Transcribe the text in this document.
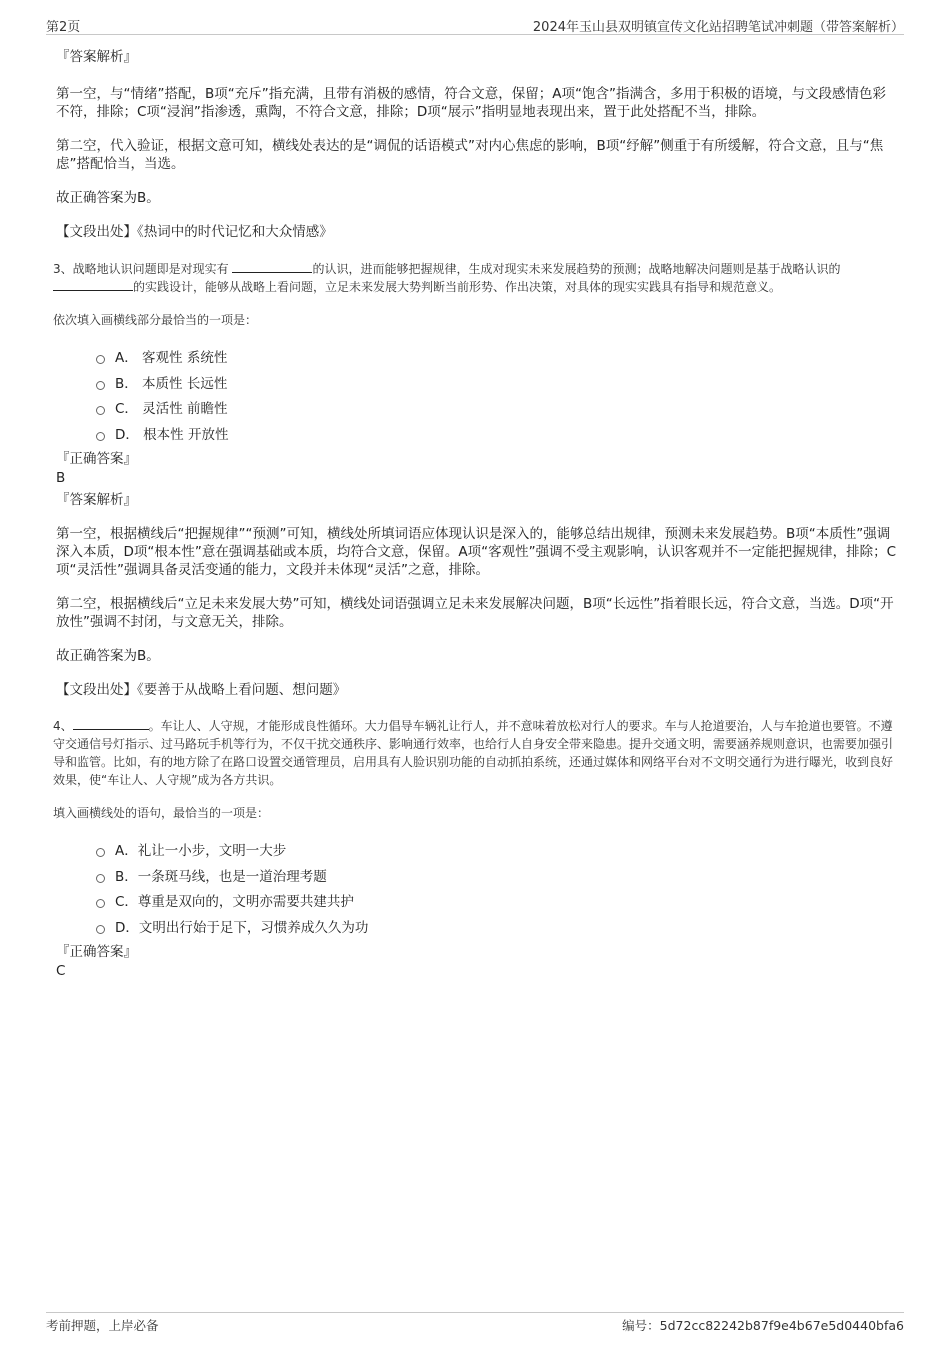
第2页	2024年玉山县双明镇宣传文化站招聘笔试冲刺题（带答案解析）

『答案解析』

第一空，与“情绪”搭配，B项“充斥”指充满，且带有消极的感情，符合文意，保留；A项“饱含”指满含，多用于积极的语境，与文段感情色彩不符，排除；C项“浸润”指渗透，熏陶，不符合文意，排除；D项“展示”指明显地表现出来，置于此处搭配不当，排除。

第二空，代入验证，根据文意可知，横线处表达的是“调侃的话语模式”对内心焦虑的影响，B项“纾解”侧重于有所缓解，符合文意，且与“焦虑”搭配恰当，当选。

故正确答案为B。

【文段出处】《热词中的时代记忆和大众情感》

3、战略地认识问题即是对现实有	的认识，进而能够把握规律，生成对现实未来发展趋势的预测；战略地解决问题则是基于战略认识的 的实践设计，能够从战略上看问题，立足未来发展大势判断当前形势、作出决策，对具体的现实实践具有指导和规范意义。

依次填入画横线部分最恰当的一项是：

A． 客观性 系统性
B． 本质性 长远性
C． 灵活性 前瞻性
D． 根本性 开放性

『正确答案』

B

『答案解析』

第一空，根据横线后“把握规律”“预测”可知，横线处所填词语应体现认识是深入的，能够总结出规律，预测未来发展趋势。B项“本质性”强调深入本质，D项“根本性”意在强调基础或本质，均符合文意，保留。A项“客观性”强调不受主观影响，认识客观并不一定能把握规律，排除；C项“灵活性”强调具备灵活变通的能力，文段并未体现“灵活”之意，排除。

第二空，根据横线后“立足未来发展大势”可知，横线处词语强调立足未来发展解决问题，B项“长远性”指着眼长远，符合文意，当选。D项“开放性”强调不封闭，与文意无关，排除。

故正确答案为B。

【文段出处】《要善于从战略上看问题、想问题》

4、	。车让人、人守规，才能形成良性循环。大力倡导车辆礼让行人，并不意味着放松对行人的要求。车与人抢道要治，人与车抢道也要管。不遵守交通信号灯指示、过马路玩手机等行为，不仅干扰交通秩序、影响通行效率，也给行人自身安全带来隐患。提升交通文明，需要涵养规则意识，也需要加强引导和监管。比如，有的地方除了在路口设置交通管理员，启用具有人脸识别功能的自动抓拍系统，还通过媒体和网络平台对不文明交通行为进行曝光，收到良好效果，使“车让人、人守规”成为各方共识。

填入画横线处的语句，最恰当的一项是：

A．礼让一小步，文明一大步
B．一条斑马线，也是一道治理考题
C．尊重是双向的，文明亦需要共建共护
D．文明出行始于足下，习惯养成久久为功

『正确答案』

C

考前押题，上岸必备	编号：5d72cc82242b87f9e4b67e5d0440bfa6
